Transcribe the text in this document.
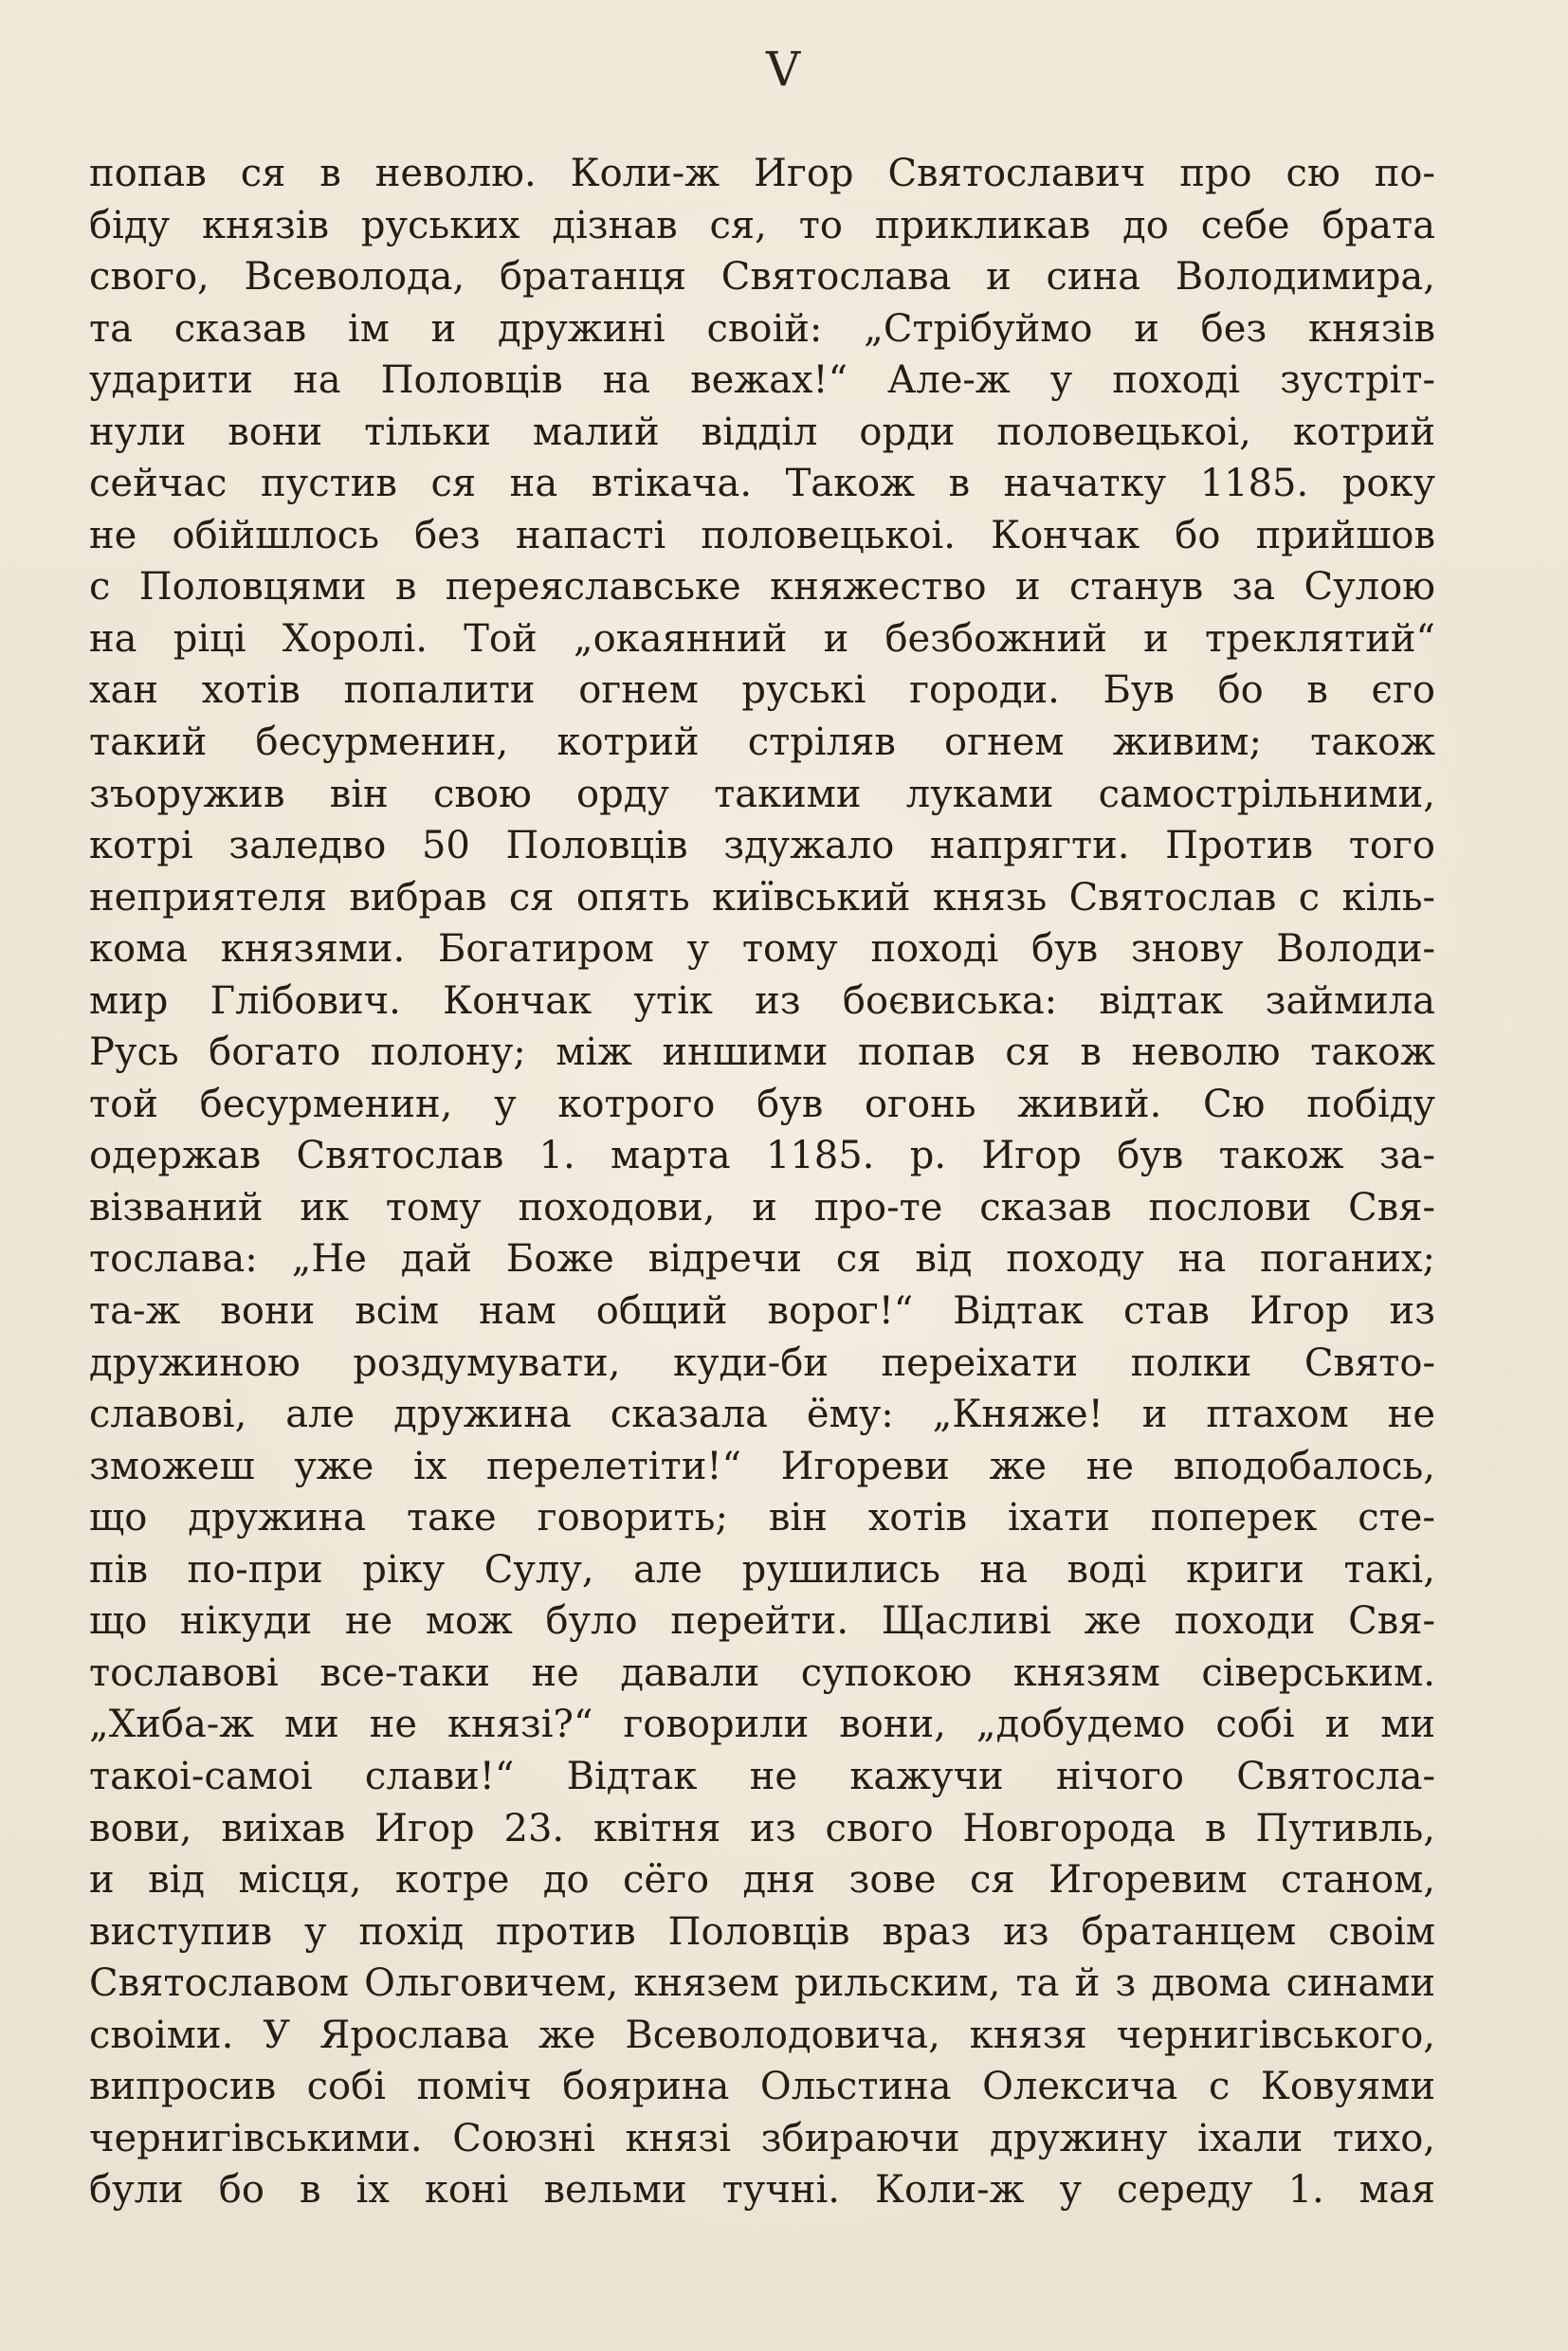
V
попав ся в неволю. Коли-ж Игор Святославич про сю по-
біду князів руських дізнав ся, то прикликав до себе брата
свого, Всеволода, братанця Святослава и сина Володимира,
та сказав ім и дружині своій: „Стрібуймо и без князів
ударити на Половців на вежах!“ Але-ж у поході зустріт-
нули вони тільки малий відділ орди половецькоі, котрий
сейчас пустив ся на втікача. Також в начатку 1185. року
не обійшлось без напасті половецькоі. Кончак бо прийшов
с Половцями в переяславське княжество и станув за Сулою
на ріці Хоролі. Той „окаянний и безбожний и треклятий“
хан хотів попалити огнем руські городи. Був бо в єго
такий бесурменин, котрий стріляв огнем живим; також
зъоружив він свою орду такими луками самострільними,
котрі заледво 50 Половців здужало напрягти. Против того
неприятеля вибрав ся опять київський князь Святослав с кіль-
кома князями. Богатиром у тому поході був знову Володи-
мир Глібович. Кончак утік из боєвиська: відтак займила
Русь богато полону; між иншими попав ся в неволю також
той бесурменин, у котрого був огонь живий. Сю побіду
одержав Святослав 1. марта 1185. р. Игор був також за-
візваний ик тому походови, и про-те сказав послови Свя-
тослава: „Не дай Боже відречи ся від походу на поганих;
та-ж вони всім нам общий ворог!“ Відтак став Игор из
дружиною роздумувати, куди-би переіхати полки Свято-
славові, але дружина сказала ёму: „Княже! и птахом не
зможеш уже іх перелетіти!“ Игореви же не вподобалось,
що дружина таке говорить; він хотів іхати поперек сте-
пів по-при ріку Сулу, але рушились на воді криги такі,
що нікуди не мож було перейти. Щасливі же походи Свя-
тославові все-таки не давали супокою князям сіверським.
„Хиба-ж ми не князі?“ говорили вони, „добудемо собі и ми
такоі-самоі слави!“ Відтак не кажучи нічого Святосла-
вови, виіхав Игор 23. квітня из свого Новгорода в Путивль,
и від місця, котре до сёго дня зове ся Игоревим станом,
виступив у похід против Половців враз из братанцем своім
Святославом Ольговичем, князем рильским, та й з двома синами
своіми. У Ярослава же Всеволодовича, князя чернигівського,
випросив собі поміч боярина Ольстина Олексича с Ковуями
чернигівськими. Союзні князі збираючи дружину іхали тихо,
були бо в іх коні вельми тучні. Коли-ж у середу 1. мая
